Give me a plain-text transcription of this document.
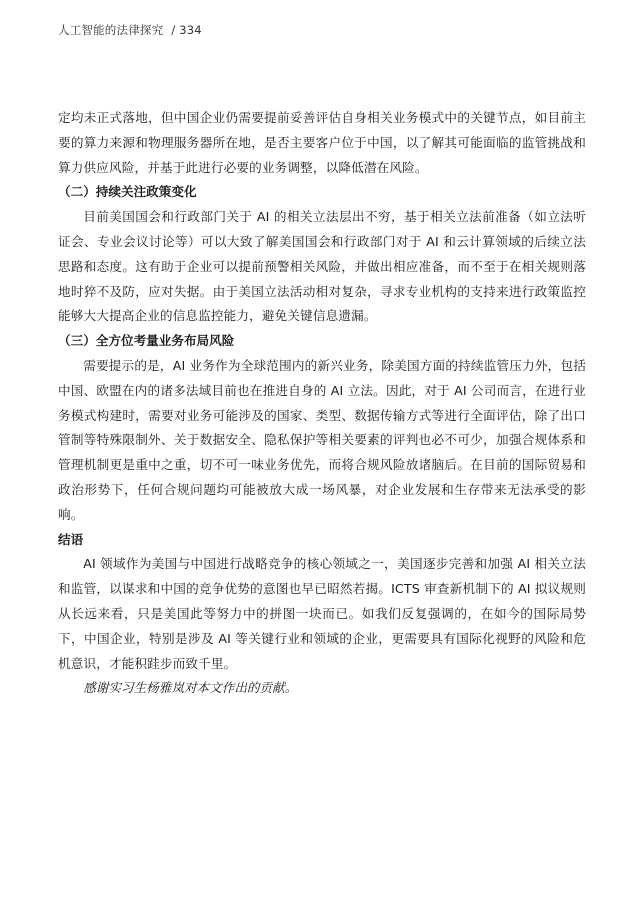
人工智能的法律探究 / 334

定均未正式落地，但中国企业仍需要提前妥善评估自身相关业务模式中的关键节点，如目前主要的算力来源和物理服务器所在地，是否主要客户位于中国，以了解其可能面临的监管挑战和算力供应风险，并基于此进行必要的业务调整，以降低潜在风险。

（二）持续关注政策变化

目前美国国会和行政部门关于 AI 的相关立法层出不穷，基于相关立法前准备（如立法听证会、专业会议讨论等）可以大致了解美国国会和行政部门对于 AI 和云计算领域的后续立法思路和态度。这有助于企业可以提前预警相关风险，并做出相应准备，而不至于在相关规则落地时猝不及防，应对失据。由于美国立法活动相对复杂，寻求专业机构的支持来进行政策监控能够大大提高企业的信息监控能力，避免关键信息遗漏。

（三）全方位考量业务布局风险

需要提示的是，AI 业务作为全球范围内的新兴业务，除美国方面的持续监管压力外，包括中国、欧盟在内的诸多法域目前也在推进自身的 AI 立法。因此，对于 AI 公司而言，在进行业务模式构建时，需要对业务可能涉及的国家、类型、数据传输方式等进行全面评估，除了出口管制等特殊限制外、关于数据安全、隐私保护等相关要素的评判也必不可少，加强合规体系和管理机制更是重中之重，切不可一味业务优先，而将合规风险放诸脑后。在目前的国际贸易和政治形势下，任何合规问题均可能被放大成一场风暴，对企业发展和生存带来无法承受的影响。

结语

AI 领域作为美国与中国进行战略竞争的核心领域之一，美国逐步完善和加强 AI 相关立法和监管，以谋求和中国的竞争优势的意图也早已昭然若揭。ICTS 审查新机制下的 AI 拟议规则从长远来看，只是美国此等努力中的拼图一块而已。如我们反复强调的，在如今的国际局势下，中国企业，特别是涉及 AI 等关键行业和领域的企业，更需要具有国际化视野的风险和危机意识，才能积跬步而致千里。

感谢实习生杨雅岚对本文作出的贡献。
